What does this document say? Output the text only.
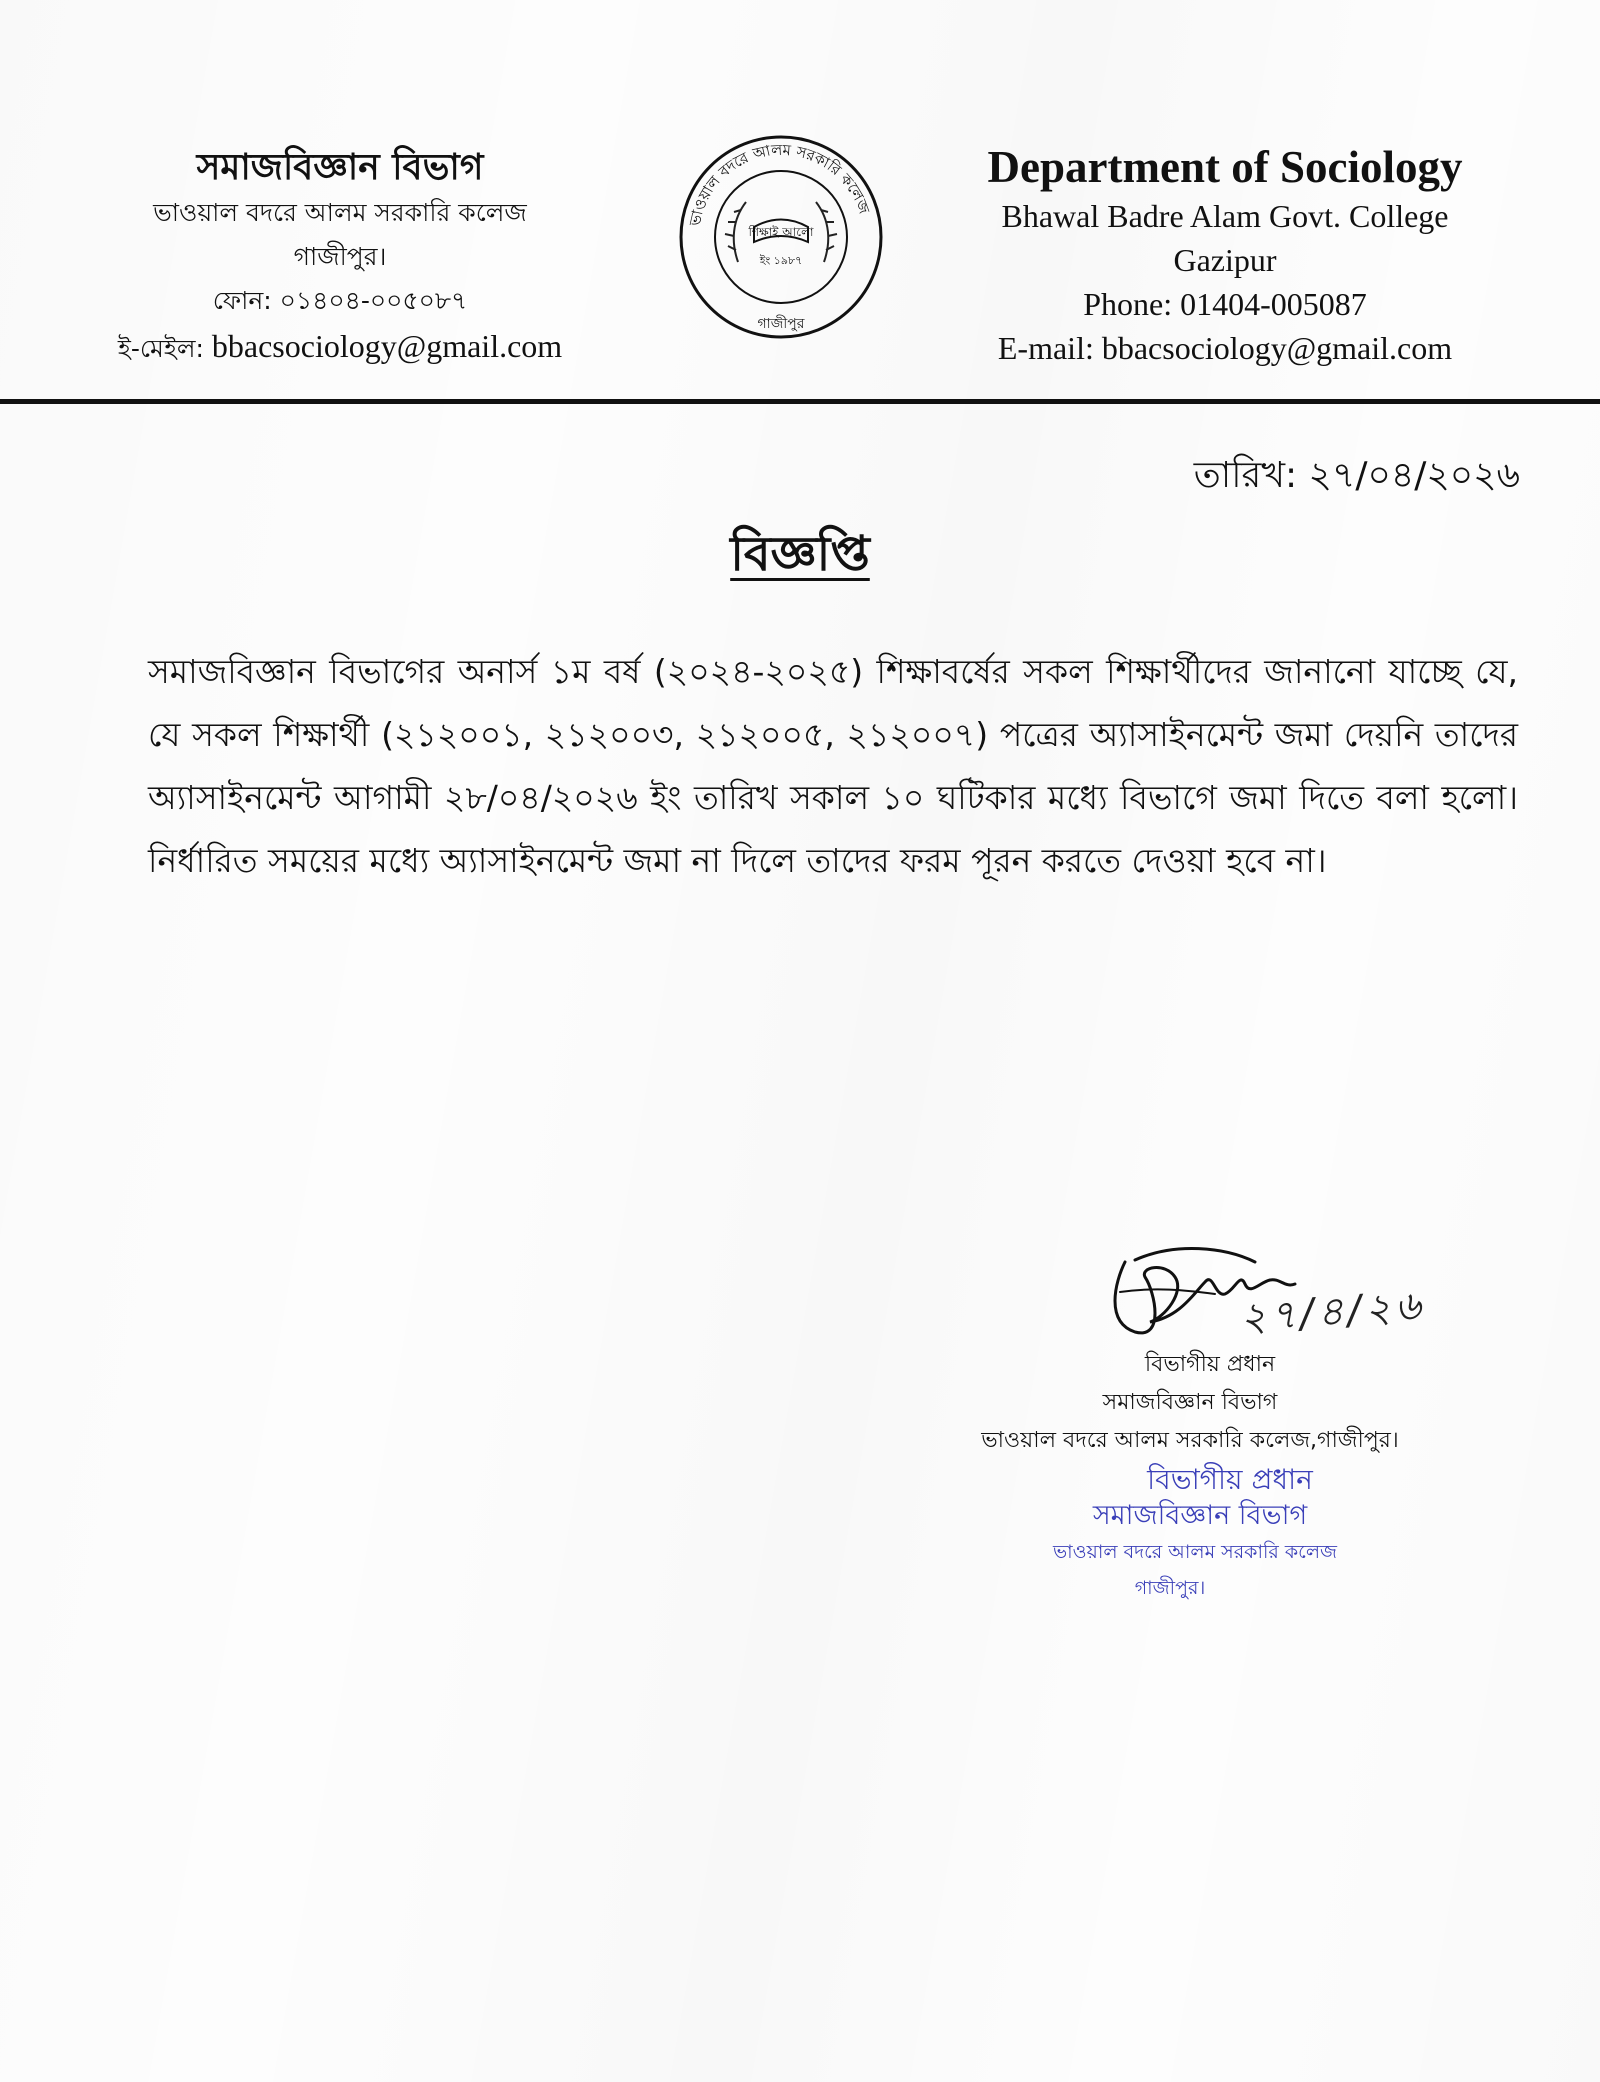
সমাজবিজ্ঞান বিভাগ
ভাওয়াল বদরে আলম সরকারি কলেজ
গাজীপুর।
ফোন: ০১৪০৪-০০৫০৮৭
ই-মেইল: bbacsociology@gmail.com
ভাওয়াল বদরে আলম সরকারি কলেজ
শিক্ষাই আলো
ইং ১৯৮৭
গাজীপুর
Department of Sociology
Bhawal Badre Alam Govt. College
Gazipur
Phone: 01404-005087
E-mail: bbacsociology@gmail.com
তারিখ: ২৭/০৪/২০২৬
বিজ্ঞপ্তি
সমাজবিজ্ঞান বিভাগের অনার্স ১ম বর্ষ (২০২৪-২০২৫) শিক্ষাবর্ষের সকল শিক্ষার্থীদের জানানো যাচ্ছে যে, যে সকল শিক্ষার্থী (২১২০০১, ২১২০০৩, ২১২০০৫, ২১২০০৭) পত্রের অ্যাসাইনমেন্ট জমা দেয়নি তাদের অ্যাসাইনমেন্ট আগামী ২৮/০৪/২০২৬ ইং তারিখ সকাল ১০ ঘটিকার মধ্যে বিভাগে জমা দিতে বলা হলো। নির্ধারিত সময়ের মধ্যে অ্যাসাইনমেন্ট জমা না দিলে তাদের ফরম পূরন করতে দেওয়া হবে না।
২৭/৪/২৬
বিভাগীয় প্রধান
সমাজবিজ্ঞান বিভাগ
ভাওয়াল বদরে আলম সরকারি কলেজ,গাজীপুর।
বিভাগীয় প্রধান
সমাজবিজ্ঞান বিভাগ
ভাওয়াল বদরে আলম সরকারি কলেজ
গাজীপুর।
